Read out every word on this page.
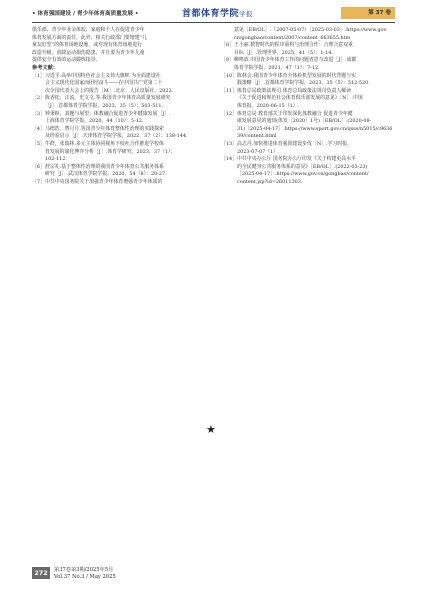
• 体育强国建设 / 青少年体育高质量发展 •	首都体育学院学报	第 37 卷

俱乐部、青少年业余体校、家庭和个人在促进青少年

体育发展方面的责任。此外，相关行政部门要增建“儿

童友好型”的体育场地设施，或对现有体育场地进行

改造升级，消除运动损伤隐患，并且要为青少年儿童

提供安全有效的运动锻炼指导。

参考文献：

［1］ 习近平.高举中国特色社会主义伟大旗帜 为全面建设社
会主义现代化国家而团结奋斗——在中国共产党第二十
次全国代表大会上的报告［M］.北京：人民出版社，2022.
［2］ 陈香松，汪流，史文文.等.我国青少年体育高质量发展研究
［J］.首都体育学院学报，2023，35（5）：503-511.
［3］ 钟秉枢，刘题与展望：体教融合促进青少年健康发展［J］.
上海体育学院学报，2020，44（10）：5-12.
［4］ 马德浩，曹月月.英国青少年体育整体性治理的实践探索
及经验启示［J］.天津体育学院学报，2022，37（2）：138-144.
［5］ 牛群，张瑞林.多元主体协同视角下校社合作推进学校体
育发展的演化博弈分析［J］.体育学研究，2023，37（1）：
102-112.
［6］ 舒宗礼.基于整体性治理的我国青少年体育公共服务体系
研究［J］.武汉体育学院学报，2020，54（8）：20-27.
［7］ 中共中央国务院关于加强青少年体育增强青少年体质的
意见［EB/OL］.（2007-05-07）［2025-03-03］.https://www.gov.
cn/gongbao/content/2007/content_663655.htm
［8］ 王小丽.数智时代的程序重构与治理合作：合理合意双重
目标［J］.管理世界，2025，41（5）：1-14.
［9］ 柳鸣放.中国青少年体育工作的问题省思与改进［J］.成都
体育学院学报，2021，47（1）：7-12.
［10］ 陈林会.我国青少年体育全体检机型发展的时代背题与实
践策略［J］.首都体育学院学报，2023，35（5）：512-520.
［11］ 体育总局政策法规司.体育总局政策法规司负责人解读
《关于促进和规范社会体育俱乐部发展的意见》［N］.中国
体育报，2020-06-15（1）.
［12］ 体育总局 教育部关于印发深化体教融合 促进青少年健
康发展意见的通知(体发［2020］1号)［EB/OL］.(2020-08-
31)［2025-04-17］.https://www.sport.gov.cn/qsss/n5015/c9636
39/content.html
［13］ 高志丹.加快推进体育强国建设步伐［N］.学习时报，
2023-07-07（1）.
［14］ 中共中央办公厅 国务院办公厅印发《关于构建更高水平
的全民健身公共服务体系的意见》［EB/OL］.(2022-03-23)
［2025-04-17］.https://www.gov.cn/gongbao/content/
content.jsp?id=26011303.
★
272	第37卷第3期/2025年5月
Vol.37 No.3 / May 2025
